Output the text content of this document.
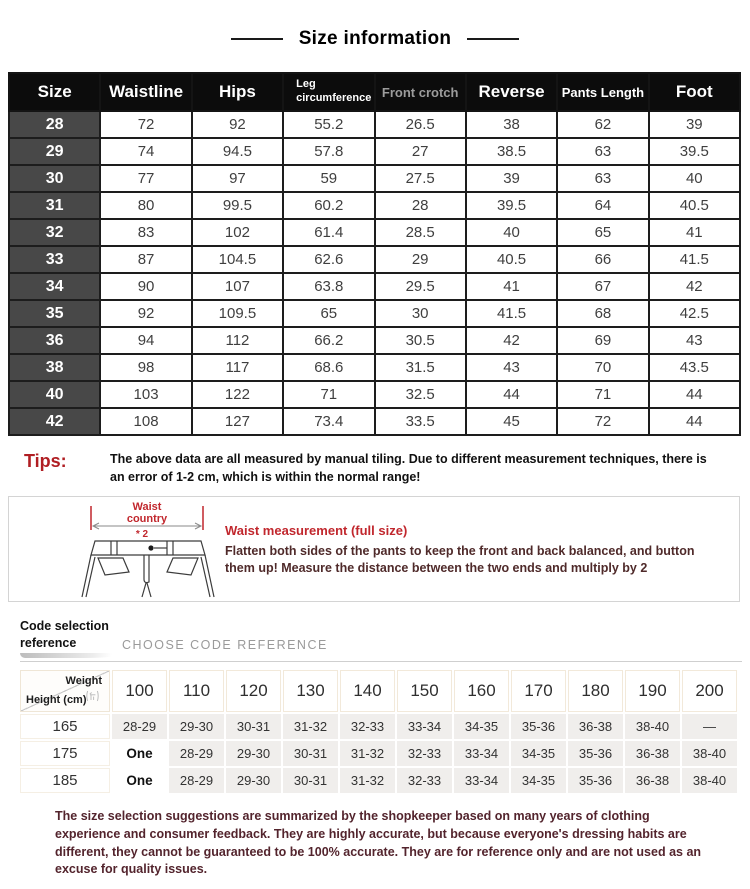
Size information
Size	Waistline	Hips	Leg circumference	Front crotch	Reverse	Pants Length	Foot
28	72	92	55.2	26.5	38	62	39
29	74	94.5	57.8	27	38.5	63	39.5
30	77	97	59	27.5	39	63	40
31	80	99.5	60.2	28	39.5	64	40.5
32	83	102	61.4	28.5	40	65	41
33	87	104.5	62.6	29	40.5	66	41.5
34	90	107	63.8	29.5	41	67	42
35	92	109.5	65	30	41.5	68	42.5
36	94	112	66.2	30.5	42	69	43
38	98	117	68.6	31.5	43	70	43.5
40	103	122	71	32.5	44	71	44
42	108	127	73.4	33.5	45	72	44
Tips:	The above data are all measured by manual tiling. Due to different measurement techniques, there is an error of 1-2 cm, which is within the normal range!
Waist
country
* 2	Waist measurement (full size)
Flatten both sides of the pants to keep the front and back balanced, and button them up! Measure the distance between the two ends and multiply by 2
Code selection reference	CHOOSE CODE REFERENCE
Weight
Height (cm)	100	110	120	130	140	150	160	170	180	190	200
165	28-29	29-30	30-31	31-32	32-33	33-34	34-35	35-36	36-38	38-40	—
175	One	28-29	29-30	30-31	31-32	32-33	33-34	34-35	35-36	36-38	38-40
185	One	28-29	29-30	30-31	31-32	32-33	33-34	34-35	35-36	36-38	38-40
The size selection suggestions are summarized by the shopkeeper based on many years of clothing experience and consumer feedback. They are highly accurate, but because everyone's dressing habits are different, they cannot be guaranteed to be 100% accurate. They are for reference only and are not used as an excuse for quality issues.
